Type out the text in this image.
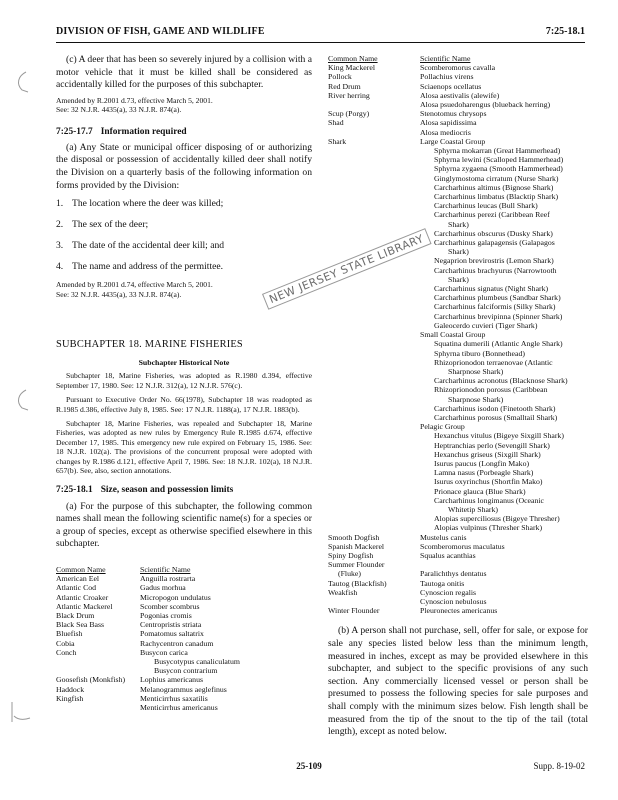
DIVISION OF FISH, GAME AND WILDLIFE	7:25-18.1

(c) A deer that has been so severely injured by a collision with a motor vehicle that it must be killed shall be considered as accidentally killed for the purposes of this subchapter.

Amended by R.2001 d.73, effective March 5, 2001.
See: 32 N.J.R. 4435(a), 33 N.J.R. 874(a).
7:25-17.7 Information required

(a) Any State or municipal officer disposing of or authorizing the disposal or possession of accidentally killed deer shall notify the Division on a quarterly basis of the following information on forms provided by the Division:

1. The location where the deer was killed;
2. The sex of the deer;
3. The date of the accidental deer kill; and
4. The name and address of the permittee.
Amended by R.2001 d.74, effective March 5, 2001.
See: 32 N.J.R. 4435(a), 33 N.J.R. 874(a).
SUBCHAPTER 18. MARINE FISHERIES
Subchapter Historical Note

Subchapter 18, Marine Fisheries, was adopted as R.1980 d.394, effective September 17, 1980. See: 12 N.J.R. 312(a), 12 N.J.R. 576(c).

Pursuant to Executive Order No. 66(1978), Subchapter 18 was readopted as R.1985 d.386, effective July 8, 1985. See: 17 N.J.R. 1188(a), 17 N.J.R. 1883(b).

Subchapter 18, Marine Fisheries, was repealed and Subchapter 18, Marine Fisheries, was adopted as new rules by Emergency Rule R.1985 d.674, effective December 17, 1985. This emergency new rule expired on February 15, 1986. See: 18 N.J.R. 102(a). The provisions of the concurrent proposal were adopted with changes by R.1986 d.121, effective April 7, 1986. See: 18 N.J.R. 102(a), 18 N.J.R. 657(b). See, also, section annotations.

7:25-18.1 Size, season and possession limits

(a) For the purpose of this subchapter, the following common names shall mean the following scientific name(s) for a species or a group of species, except as otherwise specified elsewhere in this subchapter.

Common Name	Scientific Name
American Eel	Anguilla rostrarta
Atlantic Cod	Gadus morhua
Atlantic Croaker	Micropogon undulatus
Atlantic Mackerel	Scomber scombrus
Black Drum	Pogonias cromis
Black Sea Bass	Centropristis striata
Bluefish	Pomatomus saltatrix
Cobia	Rachycentron canadum
Conch	Busycon carica
Busycotypus canaliculatum
Busycon contrarium
Goosefish (Monkfish)	Lophius americanus
Haddock	Melanogrammus aeglefinus
Kingfish	Menticirrhus saxatilis
Menticirrhus americanus
Common Name	Scientific Name
King Mackerel	Scomberomorus cavalla
Pollock	Pollachius virens
Red Drum	Sciaenops ocellatus
River herring	Alosa aestivalis (alewife)
Alosa psuedoharengus (blueback herring)
Scup (Porgy)	Stenotomus chrysops
Shad	Alosa sapidissima
Alosa mediocris
Shark	Large Coastal Group
Sphyrna mokarran (Great Hammerhead)
Sphyrna lewini (Scalloped Hammerhead)
Sphyrna zygaena (Smooth Hammerhead)
Ginglymostoma cirratum (Nurse Shark)
Carcharhinus altimus (Bignose Shark)
Carcharhinus limbatus (Blacktip Shark)
Carcharhinus leucas (Bull Shark)
Carcharhinus perezi (Caribbean Reef
Shark)
Carcharhinus obscurus (Dusky Shark)
Carcharhinus galapagensis (Galapagos
Shark)
Negaprion brevirostris (Lemon Shark)
Carcharhinus brachyurus (Narrowtooth
Shark)
Carcharhinus signatus (Night Shark)
Carcharhinus plumbeus (Sandbar Shark)
Carcharhinus falciformis (Silky Shark)
Carcharhinus brevipinna (Spinner Shark)
Galeocerdo cuvieri (Tiger Shark)
Small Coastal Group
Squatina dumerili (Atlantic Angle Shark)
Sphyrna tiburo (Bonnethead)
Rhizoprionodon terraenovae (Atlantic
Sharpnose Shark)
Carcharhinus acronotus (Blacknose Shark)
Rhizoprionodon porosus (Caribbean
Sharpnose Shark)
Carcharhinus isodon (Finetooth Shark)
Carcharhinus porosus (Smalltail Shark)
Pelagic Group
Hexanchus vitulus (Bigeye Sixgill Shark)
Heptranchias perlo (Sevengill Shark)
Hexanchus griseus (Sixgill Shark)
Isurus paucus (Longfin Mako)
Lamna nasus (Porbeagle Shark)
Isurus oxyrinchus (Shortfin Mako)
Prionace glauca (Blue Shark)
Carcharhinus longimanus (Oceanic
Whitetip Shark)
Alopias superciliosus (Bigeye Thresher)
Alopias vulpinus (Thresher Shark)
Smooth Dogfish	Mustelus canis
Spanish Mackerel	Scomberomorus maculatus
Spiny Dogfish	Squalus acanthias
Summer Flounder
(Fluke)	Paralichthys dentatus
Tautog (Blackfish)	Tautoga onitis
Weakfish	Cynoscion regalis
Cynoscion nebulosus
Winter Flounder	Pleuronectes americanus

(b) A person shall not purchase, sell, offer for sale, or expose for sale any species listed below less than the minimum length, measured in inches, except as may be provided elsewhere in this subchapter, and subject to the specific provisions of any such section. Any commercially licensed vessel or person shall be presumed to possess the following species for sale purposes and shall comply with the minimum sizes below. Fish length shall be measured from the tip of the snout to the tip of the tail (total length), except as noted below.

NEW JERSEY STATE LIBRARY
25-109	Supp. 8-19-02
